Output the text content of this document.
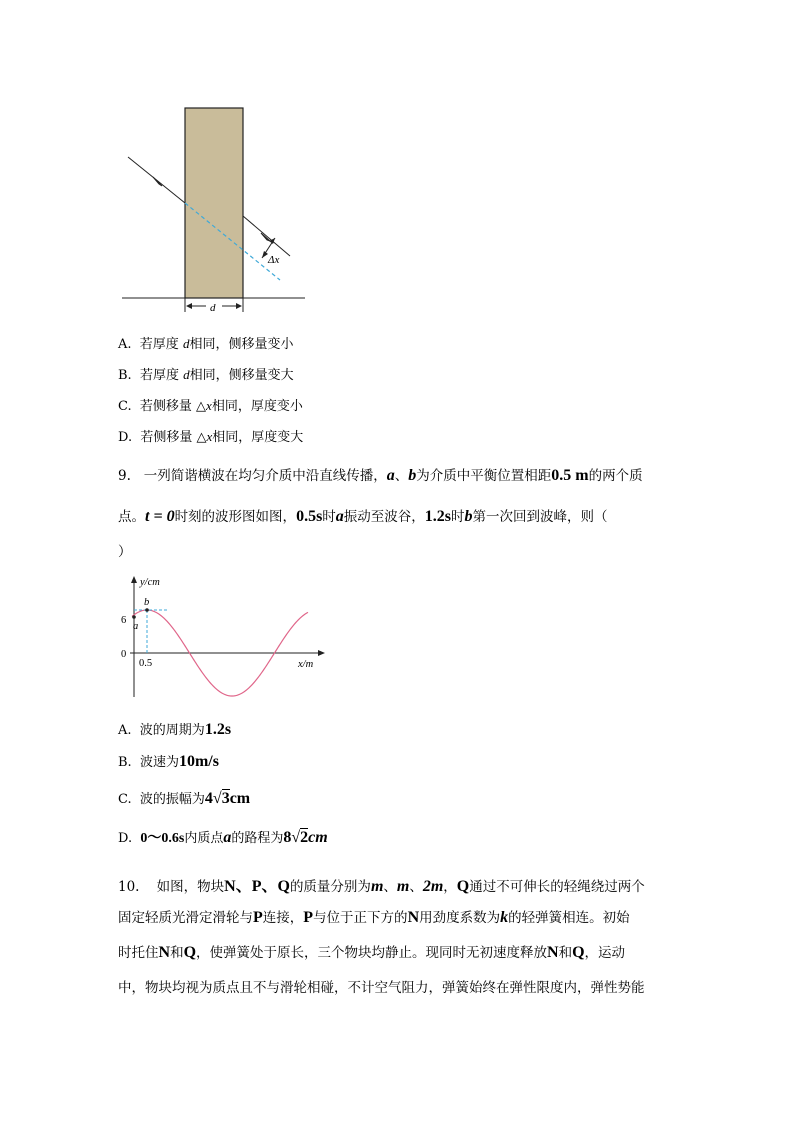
Δx
d
A. 若厚度 d相同，侧移量变小
B. 若厚度 d相同，侧移量变大
C. 若侧移量 △x相同，厚度变小
D. 若侧移量 △x相同，厚度变大
9. 一列简谐横波在均匀介质中沿直线传播，a、b为介质中平衡位置相距0.5 m的两个质
点。t = 0时刻的波形图如图，0.5s时a振动至波谷，1.2s时b第一次回到波峰，则（
）
y/cm
x/m
6
0
0.5
a
b
A. 波的周期为1.2s
B. 波速为10m/s
C. 波的振幅为4√3cm
D. 0～0.6s内质点a的路程为8√2cm
10. 如图，物块N、P、Q的质量分别为m、m、2m，Q通过不可伸长的轻绳绕过两个
固定轻质光滑定滑轮与P连接，P与位于正下方的N用劲度系数为k的轻弹簧相连。初始
时托住N和Q，使弹簧处于原长，三个物块均静止。现同时无初速度释放N和Q，运动
中，物块均视为质点且不与滑轮相碰，不计空气阻力，弹簧始终在弹性限度内，弹性势能
